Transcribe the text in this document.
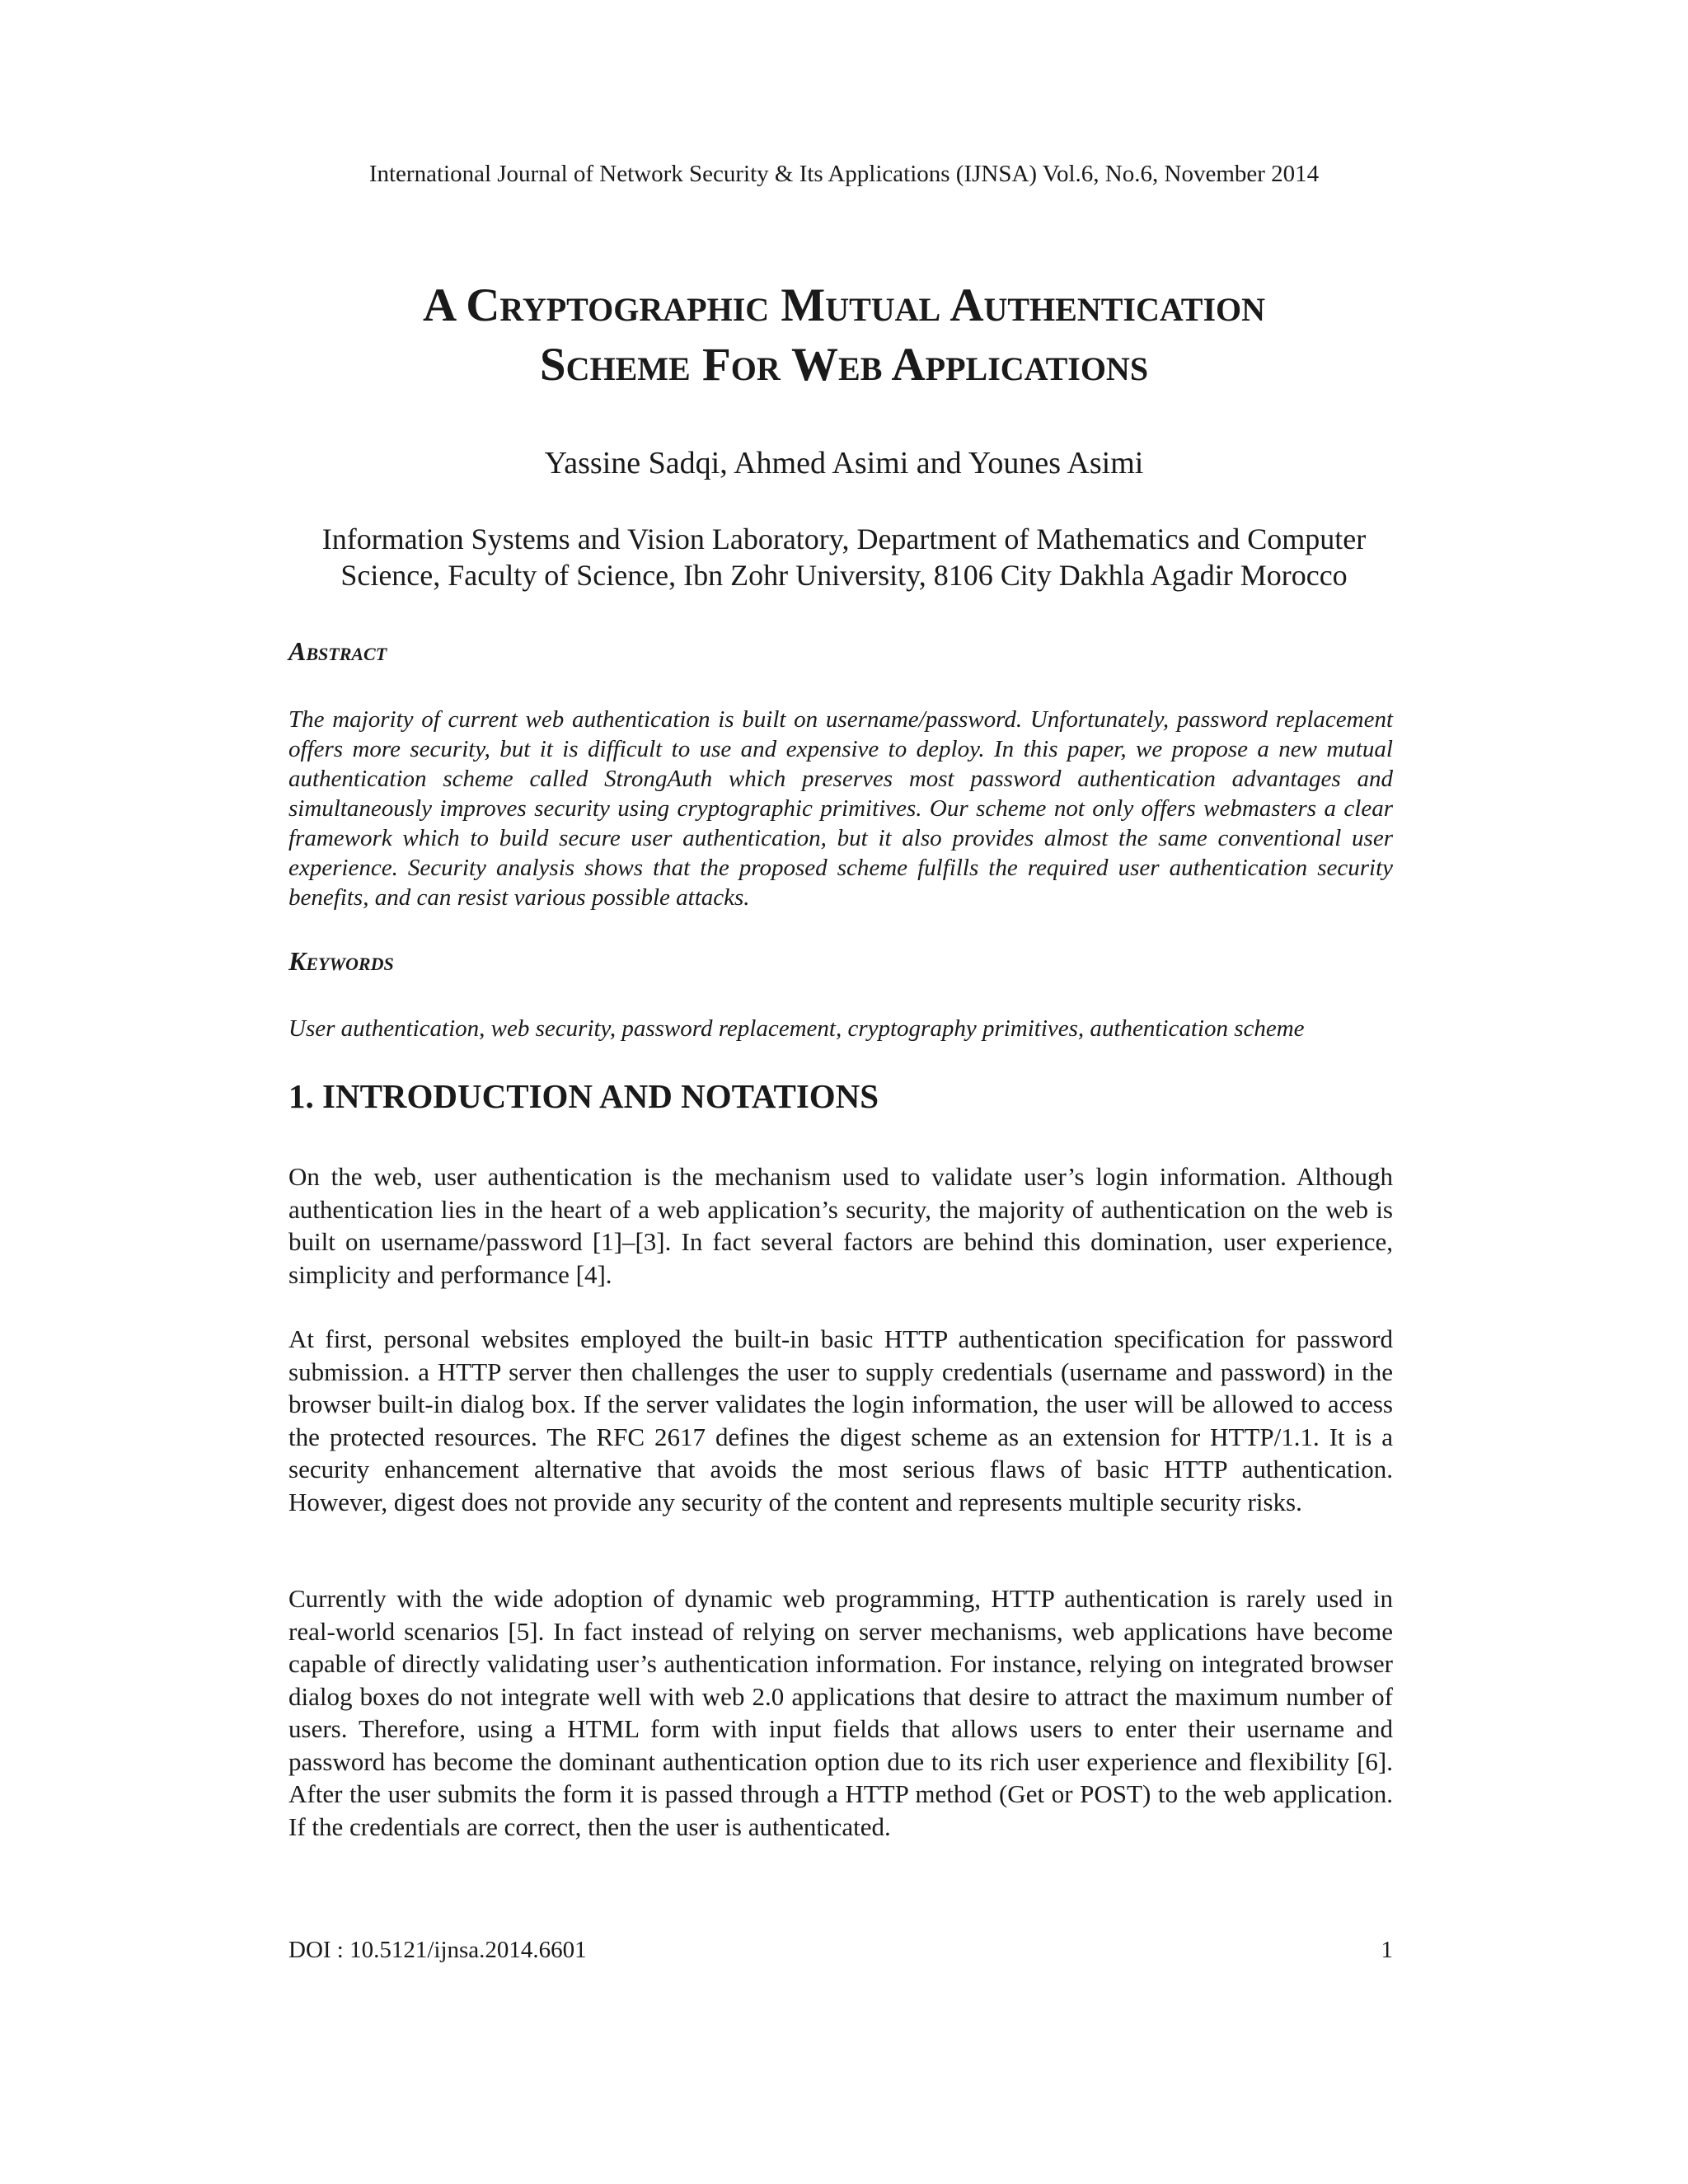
International Journal of Network Security & Its Applications (IJNSA) Vol.6, No.6, November 2014
A Cryptographic Mutual Authentication
Scheme For Web Applications
Yassine Sadqi, Ahmed Asimi and Younes Asimi
Information Systems and Vision Laboratory, Department of Mathematics and Computer
Science, Faculty of Science, Ibn Zohr University, 8106 City Dakhla Agadir Morocco
Abstract
The majority of current web authentication is built on username/password. Unfortunately, password replacement offers more security, but it is difficult to use and expensive to deploy. In this paper, we propose a new mutual authentication scheme called StrongAuth which preserves most password authentication advantages and simultaneously improves security using cryptographic primitives. Our scheme not only offers webmasters a clear framework which to build secure user authentication, but it also provides almost the same conventional user experience. Security analysis shows that the proposed scheme fulfills the required user authentication security benefits, and can resist various possible attacks.
Keywords
User authentication, web security, password replacement, cryptography primitives, authentication scheme
1. INTRODUCTION AND NOTATIONS
On the web, user authentication is the mechanism used to validate user’s login information. Although authentication lies in the heart of a web application’s security, the majority of authentication on the web is built on username/password [1]–[3]. In fact several factors are behind this domination, user experience, simplicity and performance [4].
At first, personal websites employed the built-in basic HTTP authentication specification for password submission. a HTTP server then challenges the user to supply credentials (username and password) in the browser built-in dialog box. If the server validates the login information, the user will be allowed to access the protected resources. The RFC 2617 defines the digest scheme as an extension for HTTP/1.1. It is a security enhancement alternative that avoids the most serious flaws of basic HTTP authentication. However, digest does not provide any security of the content and represents multiple security risks.
Currently with the wide adoption of dynamic web programming, HTTP authentication is rarely used in real-world scenarios [5]. In fact instead of relying on server mechanisms, web applications have become capable of directly validating user’s authentication information. For instance, relying on integrated browser dialog boxes do not integrate well with web 2.0 applications that desire to attract the maximum number of users. Therefore, using a HTML form with input fields that allows users to enter their username and password has become the dominant authentication option due to its rich user experience and flexibility [6]. After the user submits the form it is passed through a HTTP method (Get or POST) to the web application. If the credentials are correct, then the user is authenticated.
DOI : 10.5121/ijnsa.2014.6601	1
